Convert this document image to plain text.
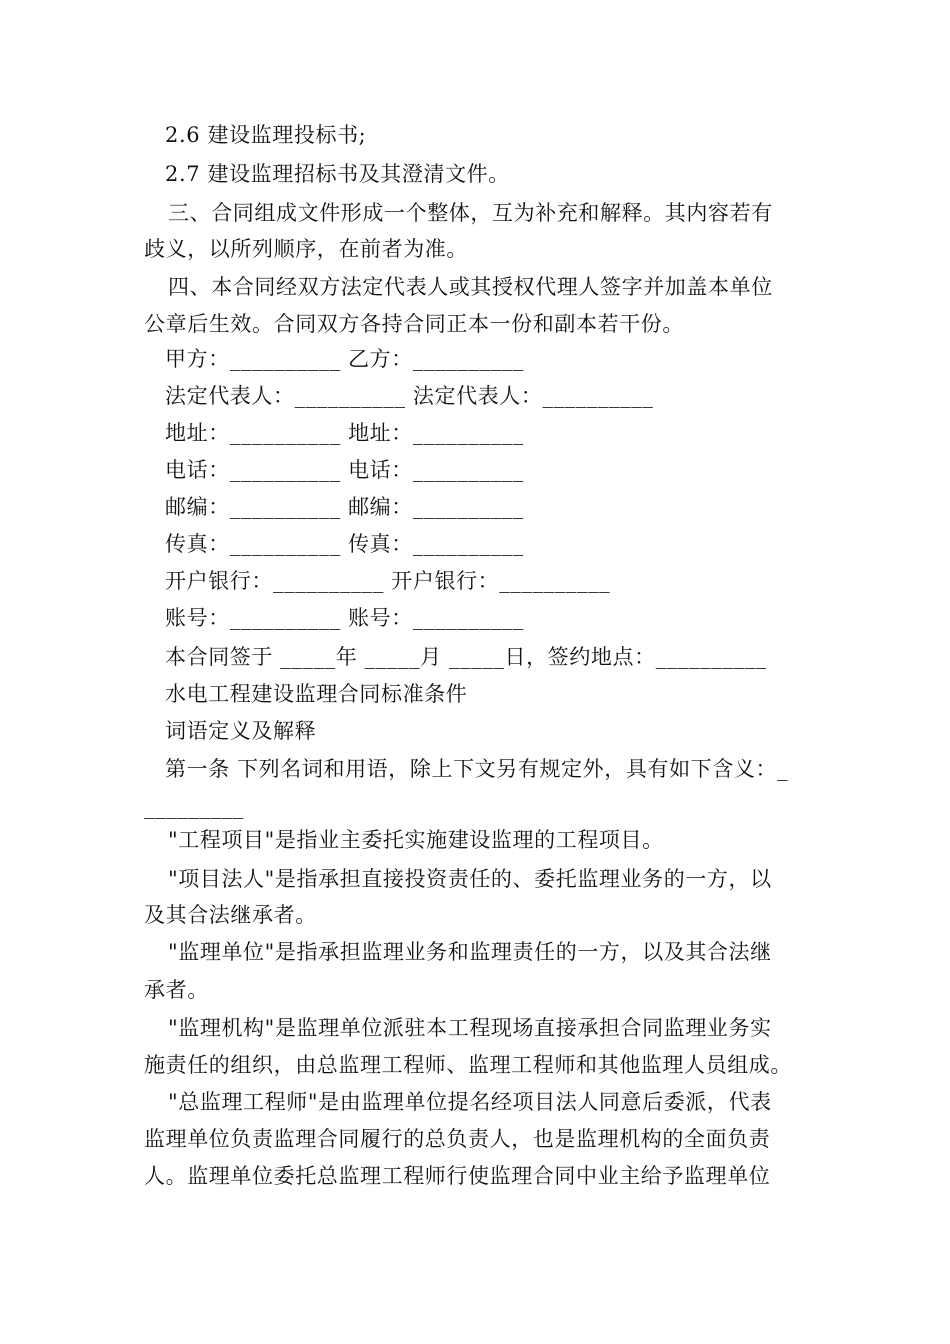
2.6 建设监理投标书;
2.7 建设监理招标书及其澄清文件。
三、合同组成文件形成一个整体，互为补充和解释。其内容若有
歧义，以所列顺序，在前者为准。
四、本合同经双方法定代表人或其授权代理人签字并加盖本单位
公章后生效。合同双方各持合同正本一份和副本若干份。
甲方：__________ 乙方：__________
法定代表人：__________ 法定代表人：__________
地址：__________ 地址：__________
电话：__________ 电话：__________
邮编：__________ 邮编：__________
传真：__________ 传真：__________
开户银行：__________ 开户银行：__________
账号：__________ 账号：__________
本合同签于 _____年 _____月 _____日，签约地点：__________
水电工程建设监理合同标准条件
词语定义及解释
第一条 下列名词和用语，除上下文另有规定外，具有如下含义：_
_________
"工程项目"是指业主委托实施建设监理的工程项目。
"项目法人"是指承担直接投资责任的、委托监理业务的一方，以
及其合法继承者。
"监理单位"是指承担监理业务和监理责任的一方，以及其合法继
承者。
"监理机构"是监理单位派驻本工程现场直接承担合同监理业务实
施责任的组织，由总监理工程师、监理工程师和其他监理人员组成。
"总监理工程师"是由监理单位提名经项目法人同意后委派，代表
监理单位负责监理合同履行的总负责人，也是监理机构的全面负责
人。监理单位委托总监理工程师行使监理合同中业主给予监理单位
